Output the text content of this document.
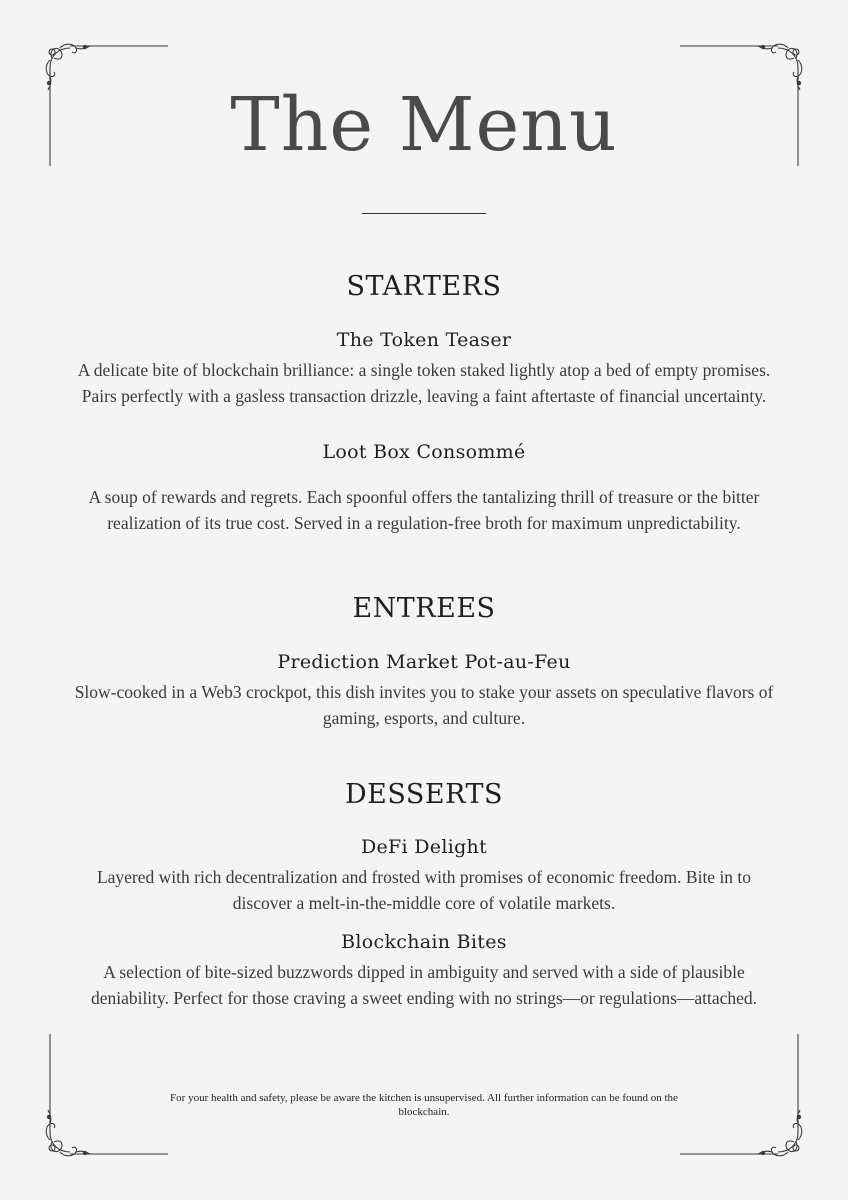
The Menu
STARTERS
The Token Teaser
A delicate bite of blockchain brilliance: a single token staked lightly atop a bed of empty promises. Pairs perfectly with a gasless transaction drizzle, leaving a faint aftertaste of financial uncertainty.
Loot Box Consommé
A soup of rewards and regrets. Each spoonful offers the tantalizing thrill of treasure or the bitter realization of its true cost. Served in a regulation-free broth for maximum unpredictability.
ENTREES
Prediction Market Pot-au-Feu
Slow-cooked in a Web3 crockpot, this dish invites you to stake your assets on speculative flavors of gaming, esports, and culture.
DESSERTS
DeFi Delight
Layered with rich decentralization and frosted with promises of economic freedom. Bite in to discover a melt-in-the-middle core of volatile markets.
Blockchain Bites
A selection of bite-sized buzzwords dipped in ambiguity and served with a side of plausible deniability. Perfect for those craving a sweet ending with no strings—or regulations—attached.
For your health and safety, please be aware the kitchen is unsupervised. All further information can be found on the blockchain.
